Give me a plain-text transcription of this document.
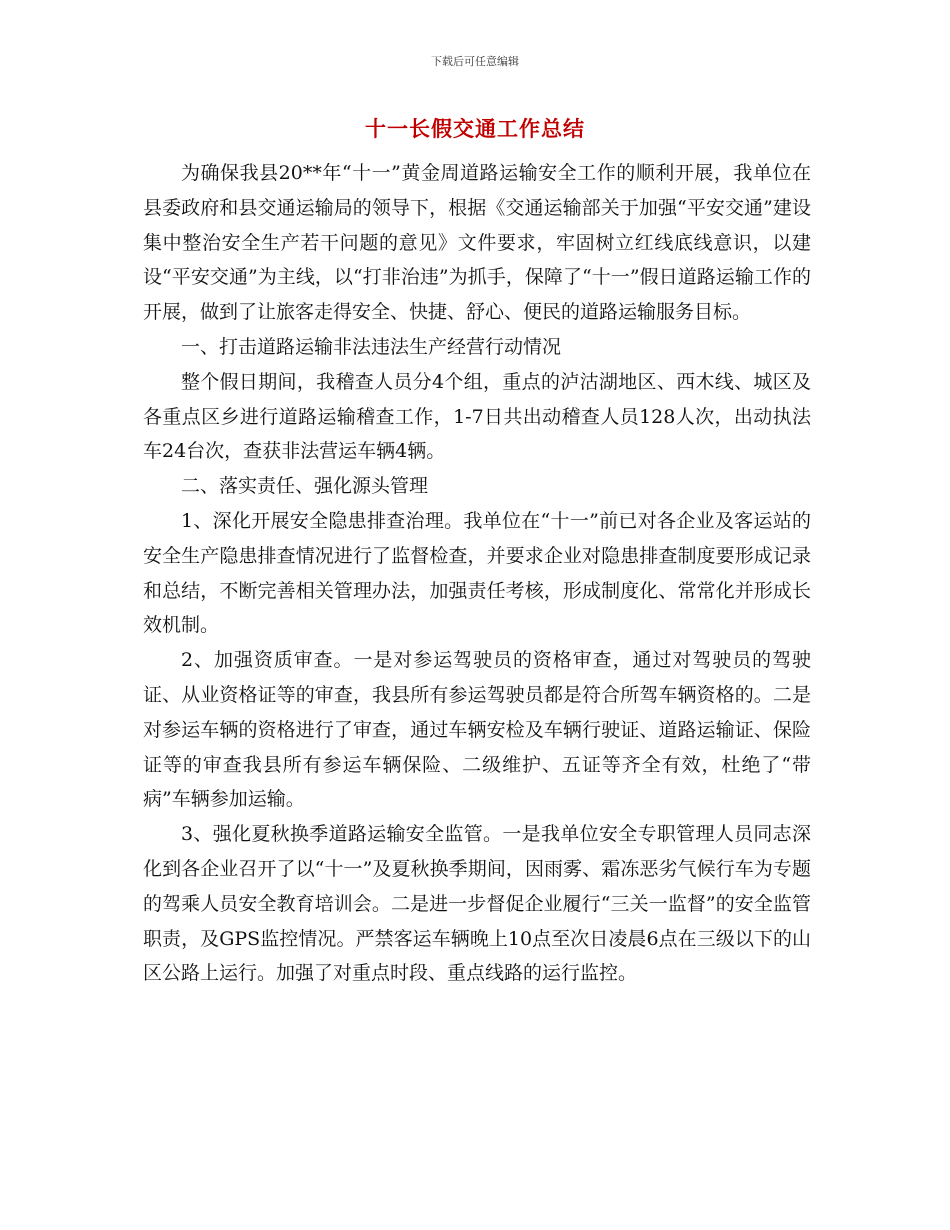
下载后可任意编辑
十一长假交通工作总结

为确保我县20**年“十一”黄金周道路运输安全工作的顺利开展，我单位在县委政府和县交通运输局的领导下，根据《交通运输部关于加强“平安交通”建设集中整治安全生产若干问题的意见》文件要求，牢固树立红线底线意识，以建设“平安交通”为主线，以“打非治违”为抓手，保障了“十一”假日道路运输工作的开展，做到了让旅客走得安全、快捷、舒心、便民的道路运输服务目标。

一、打击道路运输非法违法生产经营行动情况

整个假日期间，我稽查人员分4个组，重点的泸沽湖地区、西木线、城区及各重点区乡进行道路运输稽查工作，1-7日共出动稽查人员128人次，出动执法车24台次，查获非法营运车辆4辆。

二、落实责任、强化源头管理

1、深化开展安全隐患排查治理。我单位在“十一”前已对各企业及客运站的安全生产隐患排查情况进行了监督检查，并要求企业对隐患排查制度要形成记录和总结，不断完善相关管理办法，加强责任考核，形成制度化、常常化并形成长效机制。

2、加强资质审查。一是对参运驾驶员的资格审查，通过对驾驶员的驾驶证、从业资格证等的审查，我县所有参运驾驶员都是符合所驾车辆资格的。二是对参运车辆的资格进行了审查，通过车辆安检及车辆行驶证、道路运输证、保险证等的审查我县所有参运车辆保险、二级维护、五证等齐全有效，杜绝了“带病”车辆参加运输。

3、强化夏秋换季道路运输安全监管。一是我单位安全专职管理人员同志深化到各企业召开了以“十一”及夏秋换季期间，因雨雾、霜冻恶劣气候行车为专题的驾乘人员安全教育培训会。二是进一步督促企业履行“三关一监督”的安全监管职责，及GPS监控情况。严禁客运车辆晚上10点至次日凌晨6点在三级以下的山区公路上运行。加强了对重点时段、重点线路的运行监控。
